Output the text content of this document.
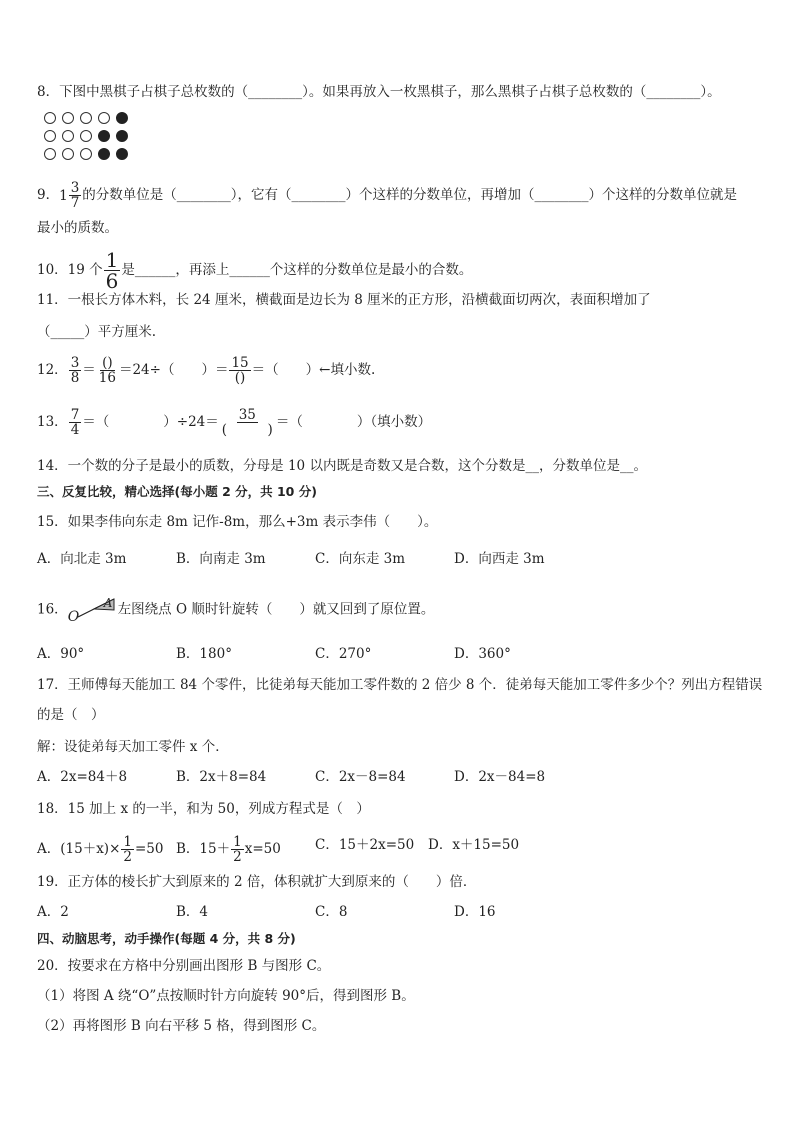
8．下图中黑棋子占棋子总枚数的（________）。如果再放入一枚黑棋子，那么黑棋子占棋子总枚数的（________）。
9． $1 \frac{3}{7}$ 的分数单位是（________），它有（________）个这样的分数单位，再增加（________）个这样的分数单位就是
最小的质数。
10．19 个 $\frac{1}{6}$ 是______，再添上______个这样的分数单位是最小的合数。
11．一根长方体木料，长 24 厘米，横截面是边长为 8 厘米的正方形，沿横截面切两次，表面积增加了
（_____）平方厘米.
12． $\frac{3}{8} = \frac{()}{16} =24\div$（　　）＝ $\frac{15}{()}$ ＝（　　）←填小数.
13． $\frac{7}{4}$ ＝（　　　　）$\div 24= \frac{35}{( )}$ ＝（　　　　）（填小数）
14．一个数的分子是最小的质数，分母是 10 以内既是奇数又是合数，这个分数是__，分数单位是__。
三、反复比较，精心选择(每小题 2 分，共 10 分)
15．如果李伟向东走 8m 记作-8m，那么+3m 表示李伟（　　）。
A．向北走 3m	B．向南走 3m	C．向东走 3m	D．向西走 3m
16． O
A 左图绕点 O 顺时针旋转（　　）就又回到了原位置。
A．90°	B．180°	C．270°	D．360°
17．王师傅每天能加工 84 个零件，比徒弟每天能加工零件数的 2 倍少 8 个．徒弟每天能加工零件多少个？列出方程错误
的是（　）
解：设徒弟每天加工零件 x 个．
A．2x=84＋8	B．2x＋8=84	C．2x－8=84	D．2x－84=8
18．15 加上 x 的一半，和为 50，列成方程式是（　）
A．$(15+x)\times \frac{1}{2} =50$ B．$15+ \frac{1}{2} x=50$	C．15＋2x=50 D．x＋15=50
19．正方体的棱长扩大到原来的 2 倍，体积就扩大到原来的（　　）倍．
A．2	B．4	C．8	D．16
四、动脑思考，动手操作(每题 4 分，共 8 分)
20．按要求在方格中分别画出图形 B 与图形 C。
（1）将图 A 绕“O”点按顺时针方向旋转 90°后，得到图形 B。
（2）再将图形 B 向右平移 5 格，得到图形 C。
